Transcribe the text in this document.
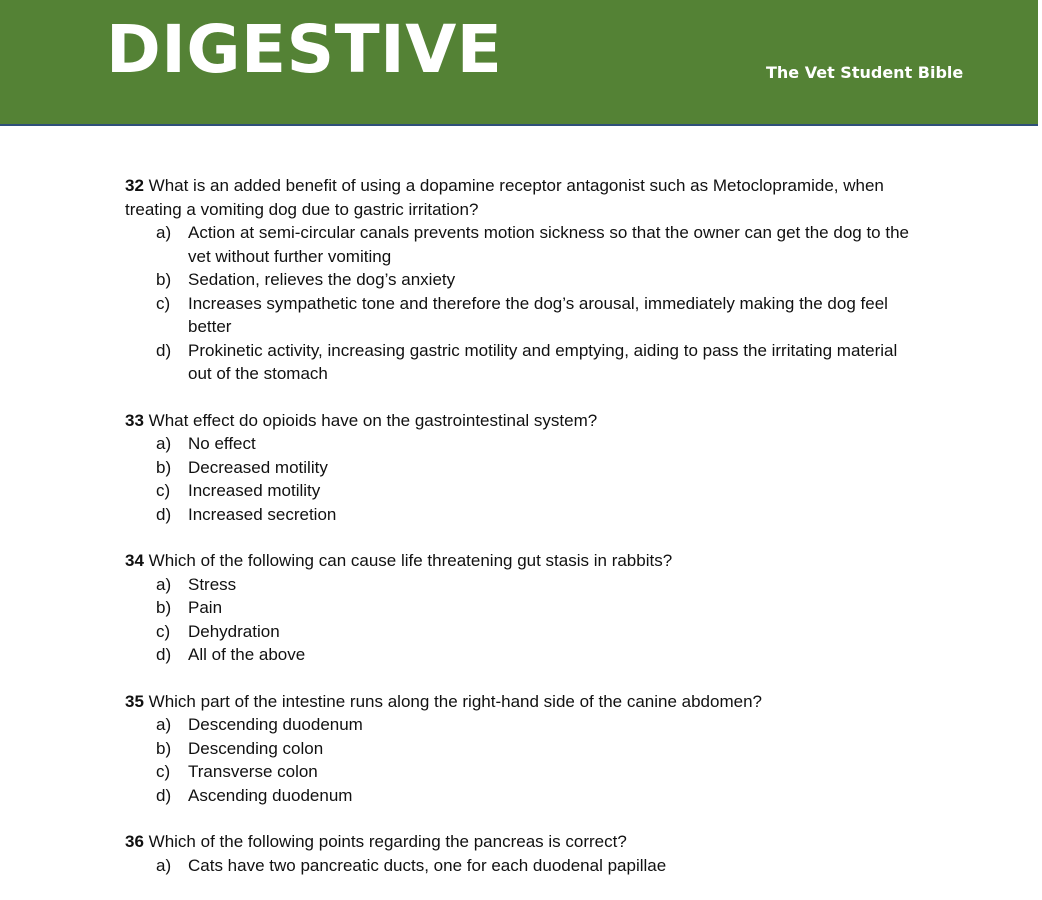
DIGESTIVE	The Vet Student Bible

32 What is an added benefit of using a dopamine receptor antagonist such as Metoclopramide, when treating a vomiting dog due to gastric irritation?

a) Action at semi-circular canals prevents motion sickness so that the owner can get the dog to the vet without further vomiting
b) Sedation, relieves the dog’s anxiety
c)	Increases sympathetic tone and therefore the dog’s arousal, immediately making the dog feel better
d) Prokinetic activity, increasing gastric motility and emptying, aiding to pass the irritating material out of the stomach

33 What effect do opioids have on the gastrointestinal system?

a) No effect
b) Decreased motility
c)	Increased motility
d) Increased secretion

34 Which of the following can cause life threatening gut stasis in rabbits?

a) Stress
b) Pain
c)	Dehydration
d) All of the above

35 Which part of the intestine runs along the right-hand side of the canine abdomen?

a) Descending duodenum
b) Descending colon
c)	Transverse colon
d) Ascending duodenum

36 Which of the following points regarding the pancreas is correct?

a) Cats have two pancreatic ducts, one for each duodenal papillae
